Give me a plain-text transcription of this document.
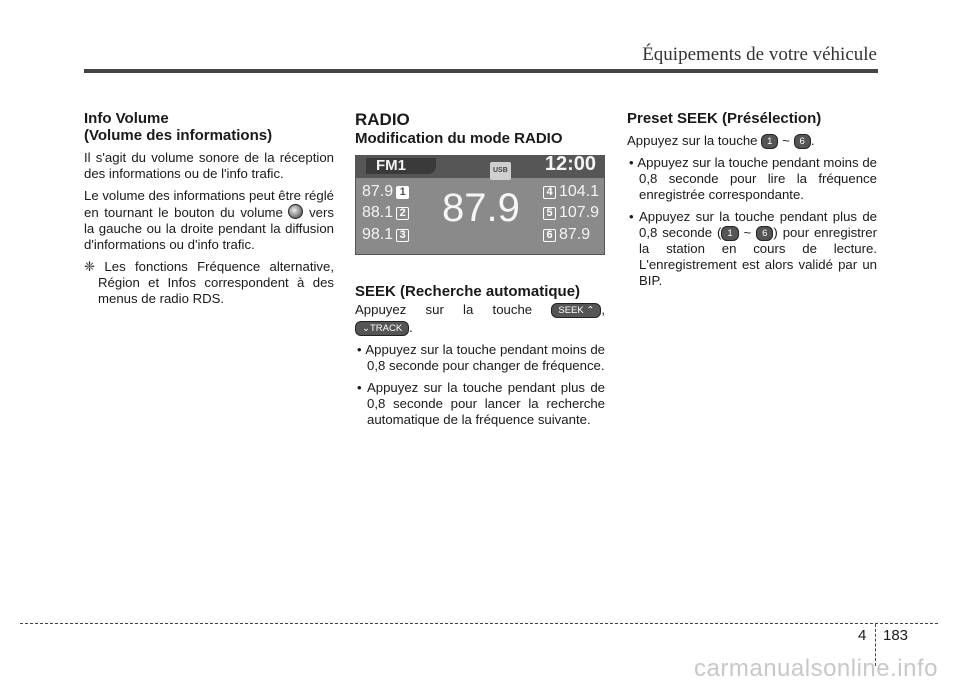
Équipements de votre véhicule
Info Volume
(Volume des informations)

Il s'agit du volume sonore de la réception des informations ou de l'info trafic.

Le volume des informations peut être réglé en tournant le bouton du volume vers la gauche ou la droite pendant la diffusion d'informations ou d'info trafic.

❈ Les fonctions Fréquence alternative, Région et Infos correspondent à des menus de radio RDS.

RADIO
Modification du mode RADIO
FM1	USB 12:00
87.9
87.9 1
88.1 2
98.1 3
4 104.1
5 107.9
6 87.9
SEEK (Recherche automatique)

Appuyez sur la touche	SEEK ⌃ ,

⌄TRACK .

• Appuyez sur la touche pendant moins de 0,8 seconde pour changer de fréquence.
• Appuyez sur la touche pendant plus de 0,8 seconde pour lancer la recherche automatique de la fréquence suivante.
Preset SEEK (Présélection)

Appuyez sur la touche 1 ~ 6 .

• Appuyez sur la touche pendant moins de 0,8 seconde pour lire la fréquence enregistrée correspondante.
• Appuyez sur la touche pendant plus de 0,8 seconde ( 1 ~ 6 ) pour enregistrer la station en cours de lecture. L'enregistrement est alors validé par un BIP.
4 183
carmanualsonline.info
